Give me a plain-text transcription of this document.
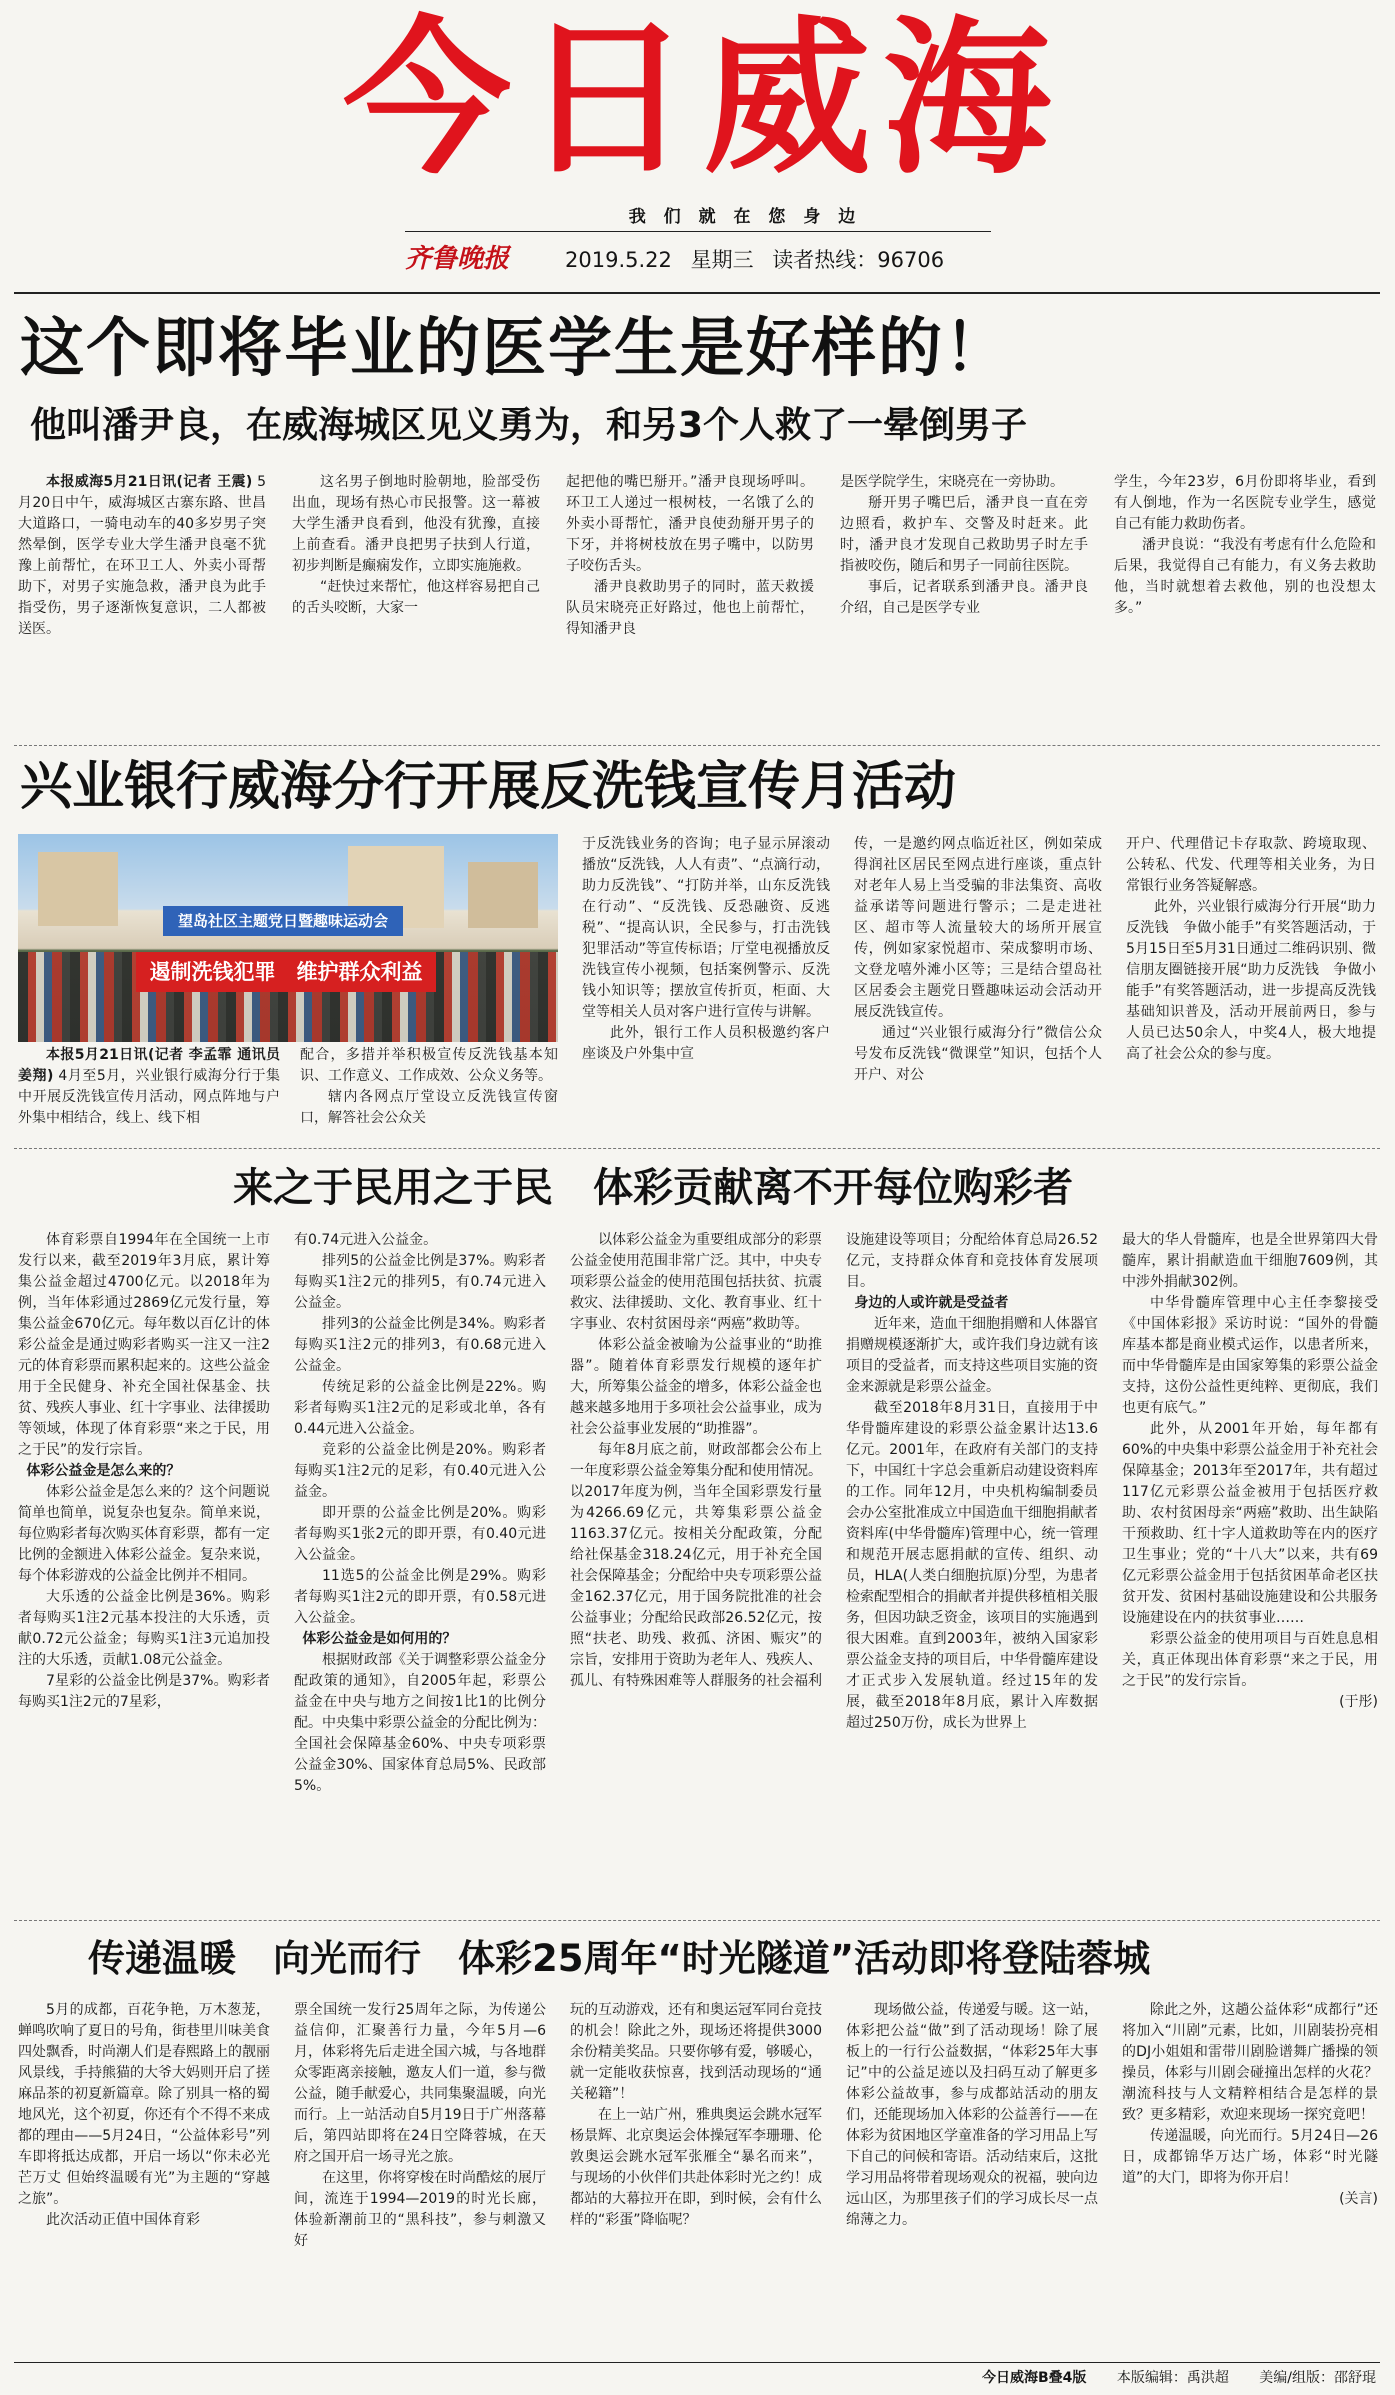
今日威海
我 们 就 在 您 身 边
齐鲁晚报	2019.5.22 星期三 读者热线：96706
这个即将毕业的医学生是好样的！
他叫潘尹良，在威海城区见义勇为，和另3个人救了一晕倒男子
本报威海5月21日讯(记者 王震) 5月20日中午，威海城区古寨东路、世昌大道路口，一骑电动车的40多岁男子突然晕倒，医学专业大学生潘尹良毫不犹豫上前帮忙，在环卫工人、外卖小哥帮助下，对男子实施急救，潘尹良为此手指受伤，男子逐渐恢复意识，二人都被送医。

这名男子倒地时脸朝地，脸部受伤出血，现场有热心市民报警。这一幕被大学生潘尹良看到，他没有犹豫，直接上前查看。潘尹良把男子扶到人行道，初步判断是癫痫发作，立即实施施救。

“赶快过来帮忙，他这样容易把自己的舌头咬断，大家一

起把他的嘴巴掰开。”潘尹良现场呼叫。环卫工人递过一根树枝，一名饿了么的外卖小哥帮忙，潘尹良使劲掰开男子的下牙，并将树枝放在男子嘴中，以防男子咬伤舌头。

潘尹良救助男子的同时，蓝天救援队员宋晓亮正好路过，他也上前帮忙，得知潘尹良

是医学院学生，宋晓亮在一旁协助。

掰开男子嘴巴后，潘尹良一直在旁边照看，救护车、交警及时赶来。此时，潘尹良才发现自己救助男子时左手指被咬伤，随后和男子一同前往医院。

事后，记者联系到潘尹良。潘尹良介绍，自己是医学专业

学生，今年23岁，6月份即将毕业，看到有人倒地，作为一名医院专业学生，感觉自己有能力救助伤者。

潘尹良说：“我没有考虑有什么危险和后果，我觉得自己有能力，有义务去救助他，当时就想着去救他，别的也没想太多。”

兴业银行威海分行开展反洗钱宣传月活动
望岛社区主题党日暨趣味运动会
遏制洗钱犯罪　维护群众利益
本报5月21日讯(记者 李孟霏 通讯员 姜翔) 4月至5月，兴业银行威海分行于集中开展反洗钱宣传月活动，网点阵地与户外集中相结合，线上、线下相

配合，多措并举积极宣传反洗钱基本知识、工作意义、工作成效、公众义务等。

辖内各网点厅堂设立反洗钱宣传窗口，解答社会公众关

于反洗钱业务的咨询；电子显示屏滚动播放“反洗钱，人人有责”、“点滴行动，助力反洗钱”、“打防并举，山东反洗钱在行动”、“反洗钱、反恐融资、反逃税”、“提高认识，全民参与，打击洗钱犯罪活动”等宣传标语；厅堂电视播放反洗钱宣传小视频，包括案例警示、反洗钱小知识等；摆放宣传折页，柜面、大堂等相关人员对客户进行宣传与讲解。

此外，银行工作人员积极邀约客户座谈及户外集中宣

传，一是邀约网点临近社区，例如荣成得润社区居民至网点进行座谈，重点针对老年人易上当受骗的非法集资、高收益承诺等问题进行警示；二是走进社区、超市等人流量较大的场所开展宣传，例如家家悦超市、荣成黎明市场、文登龙嘻外滩小区等；三是结合望岛社区居委会主题党日暨趣味运动会活动开展反洗钱宣传。

通过“兴业银行威海分行”微信公众号发布反洗钱“微课堂”知识，包括个人开户、对公

开户、代理借记卡存取款、跨境取现、公转私、代发、代理等相关业务，为日常银行业务答疑解惑。

此外，兴业银行威海分行开展“助力反洗钱　争做小能手”有奖答题活动，于5月15日至5月31日通过二维码识别、微信朋友圈链接开展“助力反洗钱　争做小能手”有奖答题活动，进一步提高反洗钱基础知识普及，活动开展前两日，参与人员已达50余人，中奖4人，极大地提高了社会公众的参与度。

来之于民用之于民　体彩贡献离不开每位购彩者

体育彩票自1994年在全国统一上市发行以来，截至2019年3月底，累计筹集公益金超过4700亿元。以2018年为例，当年体彩通过2869亿元发行量，筹集公益金670亿元。每年数以百亿计的体彩公益金是通过购彩者购买一注又一注2元的体育彩票而累积起来的。这些公益金用于全民健身、补充全国社保基金、扶贫、残疾人事业、红十字事业、法律援助等领域，体现了体育彩票“来之于民，用之于民”的发行宗旨。

体彩公益金是怎么来的？

体彩公益金是怎么来的？这个问题说简单也简单，说复杂也复杂。简单来说，每位购彩者每次购买体育彩票，都有一定比例的金额进入体彩公益金。复杂来说，每个体彩游戏的公益金比例并不相同。

大乐透的公益金比例是36%。购彩者每购买1注2元基本投注的大乐透，贡献0.72元公益金；每购买1注3元追加投注的大乐透，贡献1.08元公益金。

7星彩的公益金比例是37%。购彩者每购买1注2元的7星彩，

有0.74元进入公益金。

排列5的公益金比例是37%。购彩者每购买1注2元的排列5，有0.74元进入公益金。

排列3的公益金比例是34%。购彩者每购买1注2元的排列3，有0.68元进入公益金。

传统足彩的公益金比例是22%。购彩者每购买1注2元的足彩或北单，各有0.44元进入公益金。

竞彩的公益金比例是20%。购彩者每购买1注2元的足彩，有0.40元进入公益金。

即开票的公益金比例是20%。购彩者每购买1张2元的即开票，有0.40元进入公益金。

11选5的公益金比例是29%。购彩者每购买1注2元的即开票，有0.58元进入公益金。

体彩公益金是如何用的？

根据财政部《关于调整彩票公益金分配政策的通知》，自2005年起，彩票公益金在中央与地方之间按1比1的比例分配。中央集中彩票公益金的分配比例为：全国社会保障基金60%、中央专项彩票公益金30%、国家体育总局5%、民政部5%。

以体彩公益金为重要组成部分的彩票公益金使用范围非常广泛。其中，中央专项彩票公益金的使用范围包括扶贫、抗震救灾、法律援助、文化、教育事业、红十字事业、农村贫困母亲“两癌”救助等。

体彩公益金被喻为公益事业的“助推器”。随着体育彩票发行规模的逐年扩大，所筹集公益金的增多，体彩公益金也越来越多地用于多项社会公益事业，成为社会公益事业发展的“助推器”。

每年8月底之前，财政部都会公布上一年度彩票公益金筹集分配和使用情况。以2017年度为例，当年全国彩票发行量为4266.69亿元，共筹集彩票公益金1163.37亿元。按相关分配政策，分配给社保基金318.24亿元，用于补充全国社会保障基金；分配给中央专项彩票公益金162.37亿元，用于国务院批准的社会公益事业；分配给民政部26.52亿元，按照“扶老、助残、救孤、济困、赈灾”的宗旨，安排用于资助为老年人、残疾人、孤儿、有特殊困难等人群服务的社会福利

设施建设等项目；分配给体育总局26.52亿元，支持群众体育和竞技体育发展项目。

身边的人或许就是受益者

近年来，造血干细胞捐赠和人体器官捐赠规模逐渐扩大，或许我们身边就有该项目的受益者，而支持这些项目实施的资金来源就是彩票公益金。

截至2018年8月31日，直接用于中华骨髓库建设的彩票公益金累计达13.6亿元。2001年，在政府有关部门的支持下，中国红十字总会重新启动建设资料库的工作。同年12月，中央机构编制委员会办公室批准成立中国造血干细胞捐献者资料库(中华骨髓库)管理中心，统一管理和规范开展志愿捐献的宣传、组织、动员，HLA(人类白细胞抗原)分型，为患者检索配型相合的捐献者并提供移植相关服务，但因功缺乏资金，该项目的实施遇到很大困难。直到2003年，被纳入国家彩票公益金支持的项目后，中华骨髓库建设才正式步入发展轨道。经过15年的发展，截至2018年8月底，累计入库数据超过250万份，成长为世界上

最大的华人骨髓库，也是全世界第四大骨髓库，累计捐献造血干细胞7609例，其中涉外捐献302例。

中华骨髓库管理中心主任李黎接受《中国体彩报》采访时说：“国外的骨髓库基本都是商业模式运作，以患者所来，而中华骨髓库是由国家筹集的彩票公益金支持，这份公益性更纯粹、更彻底，我们也更有底气。”

此外，从2001年开始，每年都有60%的中央集中彩票公益金用于补充社会保障基金；2013年至2017年，共有超过117亿元彩票公益金被用于包括医疗救助、农村贫困母亲“两癌”救助、出生缺陷干预救助、红十字人道救助等在内的医疗卫生事业；党的“十八大”以来，共有69亿元彩票公益金用于包括贫困革命老区扶贫开发、贫困村基础设施建设和公共服务设施建设在内的扶贫事业……

彩票公益金的使用项目与百姓息息相关，真正体现出体育彩票“来之于民，用之于民”的发行宗旨。

(于彤)
传递温暖　向光而行　体彩25周年“时光隧道”活动即将登陆蓉城

5月的成都，百花争艳，万木葱茏，蝉鸣吹响了夏日的号角，街巷里川味美食四处飘香，时尚潮人们是春熙路上的靓丽风景线，手持熊猫的大爷大妈则开启了搓麻品茶的初夏新篇章。除了别具一格的蜀地风光，这个初夏，你还有个不得不来成都的理由——5月24日，“公益体彩号”列车即将抵达成都，开启一场以“你未必光芒万丈 但始终温暖有光”为主题的“穿越之旅”。

此次活动正值中国体育彩

票全国统一发行25周年之际，为传递公益信仰，汇聚善行力量，今年5月—6月，体彩将先后走进全国六城，与各地群众零距离亲接触，邀友人们一道，参与微公益，随手献爱心，共同集聚温暖，向光而行。上一站活动自5月19日于广州落幕后，第四站即将在24日空降蓉城，在天府之国开启一场寻光之旅。

在这里，你将穿梭在时尚酷炫的展厅间，流连于1994—2019的时光长廊，体验新潮前卫的“黑科技”，参与刺激又好

玩的互动游戏，还有和奥运冠军同台竞技的机会！除此之外，现场还将提供3000余份精美奖品。只要你够有爱，够暖心，就一定能收获惊喜，找到活动现场的“通关秘籍”！

在上一站广州，雅典奥运会跳水冠军杨景辉、北京奥运会体操冠军李珊珊、伦敦奥运会跳水冠军张雁全“暴名而来”，与现场的小伙伴们共赴体彩时光之约！成都站的大幕拉开在即，到时候，会有什么样的“彩蛋”降临呢？

现场做公益，传递爱与暖。这一站，体彩把公益“做”到了活动现场！除了展板上的一行行公益数据，“体彩25年大事记”中的公益足迹以及扫码互动了解更多体彩公益故事，参与成都站活动的朋友们，还能现场加入体彩的公益善行——在体彩为贫困地区学童准备的学习用品上写下自己的问候和寄语。活动结束后，这批学习用品将带着现场观众的祝福，驶向边远山区，为那里孩子们的学习成长尽一点绵薄之力。

除此之外，这趟公益体彩“成都行”还将加入“川剧”元素，比如，川剧装扮亮相的DJ小姐姐和雷带川剧脸谱舞广播操的领操员，体彩与川剧会碰撞出怎样的火花？潮流科技与人文精粹相结合是怎样的景致？更多精彩，欢迎来现场一探究竟吧！

传递温暖，向光而行。5月24日—26日，成都锦华万达广场，体彩“时光隧道”的大门，即将为你开启！

(关言)
今日威海B叠4版 本版编辑：禹洪超 美编/组版：邵舒琨
